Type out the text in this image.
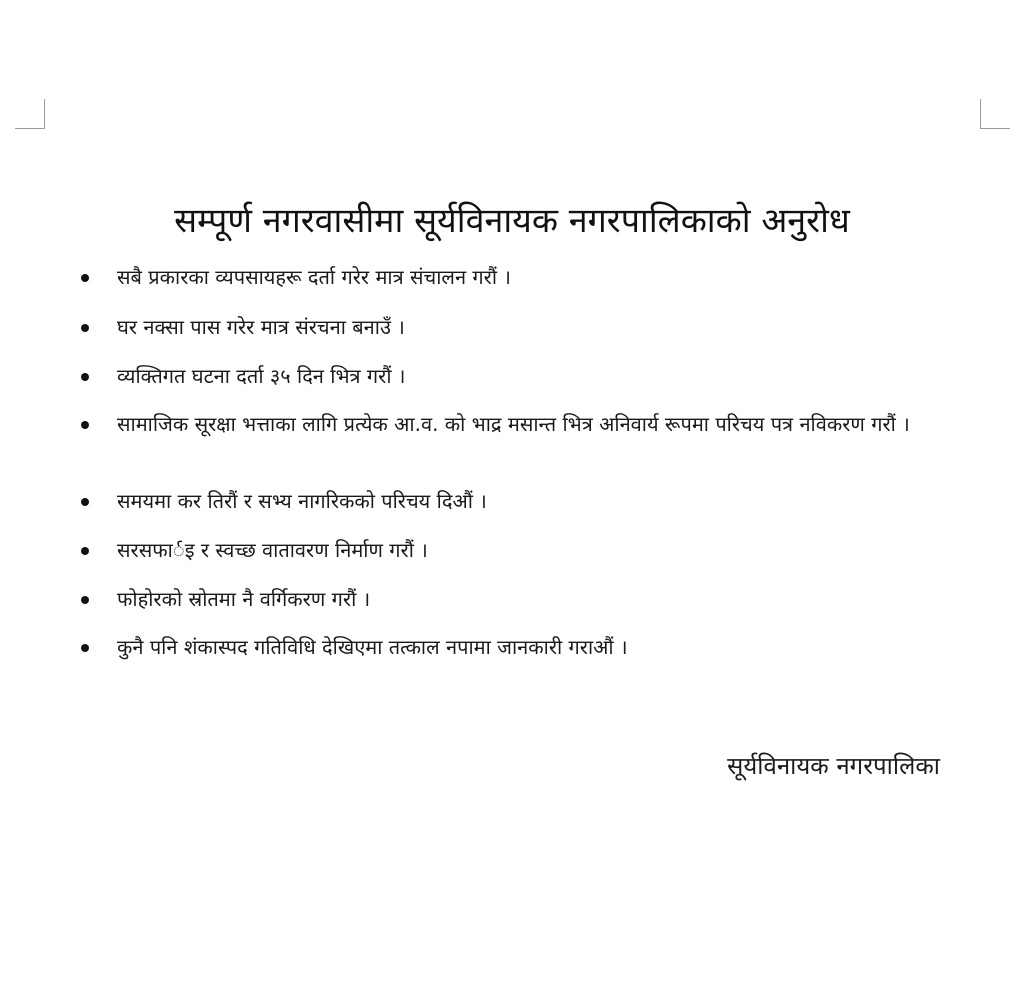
सम्पूर्ण नगरवासीमा सूर्यविनायक नगरपालिकाको अनुरोध
सबै प्रकारका व्यपसायहरू दर्ता गरेर मात्र संचालन गरौं ।
घर नक्सा पास गरेर मात्र संरचना बनाउँ ।
व्यक्तिगत घटना दर्ता ३५ दिन भित्र गरौं ।
सामाजिक सूरक्षा भत्ताका लागि प्रत्येक आ.व. को भाद्र मसान्त भित्र अनिवार्य रूपमा परिचय पत्र नविकरण गरौं ।
समयमा कर तिरौं र सभ्य नागरिकको परिचय दिऔं ।
सरसफार्इ र स्वच्छ वातावरण निर्माण गरौं ।
फोहोरको स्रोतमा नै वर्गिकरण गरौं ।
कुनै पनि शंकास्पद गतिविधि देखिएमा तत्काल नपामा जानकारी गराऔं ।
सूर्यविनायक नगरपालिका
